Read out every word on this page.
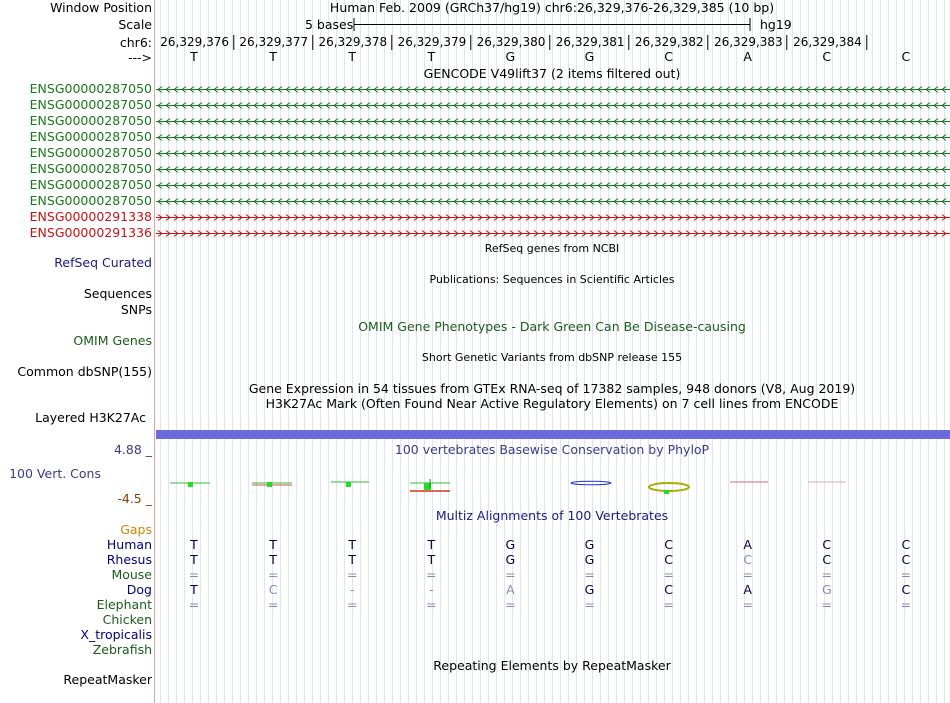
Window Position	Human Feb. 2009 (GRCh37/hg19) chr6:26,329,376-26,329,385 (10 bp)
Scale	5 bases	hg19
chr6: 26,329,376 26,329,377 26,329,378 26,329,379 26,329,380 26,329,381 26,329,382 26,329,383 26,329,384
--->	T	T	T	T	G	G	C	A	C	C
GENCODE V49lift37 (2 items filtered out)
ENSG00000287050
ENSG00000287050
ENSG00000287050
ENSG00000287050
ENSG00000287050
ENSG00000287050
ENSG00000287050
ENSG00000287050
ENSG00000291338
ENSG00000291336
RefSeq genes from NCBI
RefSeq Curated
Publications: Sequences in Scientific Articles
Sequences
SNPs
OMIM Gene Phenotypes - Dark Green Can Be Disease-causing
OMIM Genes
Short Genetic Variants from dbSNP release 155
Common dbSNP(155)
Gene Expression in 54 tissues from GTEx RNA-seq of 17382 samples, 948 donors (V8, Aug 2019)
H3K27Ac Mark (Often Found Near Active Regulatory Elements) on 7 cell lines from ENCODE
Layered H3K27Ac
100 vertebrates Basewise Conservation by PhyloP
4.88 _
100 Vert. Cons
-4.5 _
Multiz Alignments of 100 Vertebrates
Gaps
Human	T	T	T	T	G	G	C	A	C	C
Rhesus	T	T	T	T	G	G	C	C	C	C
Mouse	=	=	=	=	=	=	=	=	=	=
Dog	T	C	-	-	A	G	C	A	G	C
Elephant	=	=	=	=	=	=	=	=	=	=
Chicken
X_tropicalis
Zebrafish
Repeating Elements by RepeatMasker
RepeatMasker
